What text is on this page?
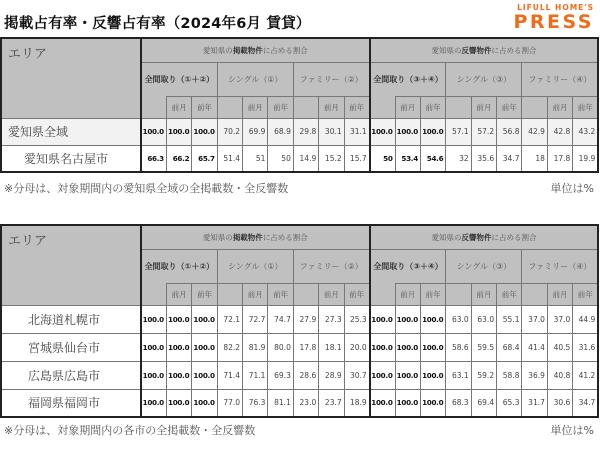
掲載占有率・反響占有率（2024年6月 賃貸）
LIFULL HOME'S
PRESS
エリア	愛知県の掲載物件に占める割合									愛知県の反響物件に占める割合								
	全間取り（①＋②）			シングル（①）			ファミリー（②）			全間取り（③＋④）			シングル（③）			ファミリー（④）		
		前月	前年		前月	前年		前月	前年		前月	前年		前月	前年		前月	前年
愛知県全域	100.0	100.0	100.0	70.2	69.9	68.9	29.8	30.1	31.1	100.0	100.0	100.0	57.1	57.2	56.8	42.9	42.8	43.2
愛知県名古屋市	66.3	66.2	65.7	51.4	51	50	14.9	15.2	15.7	50	53.4	54.6	32	35.6	34.7	18	17.8	19.9
※分母は、対象期間内の愛知県全域の全掲載数・全反響数	単位は%
エリア	愛知県の掲載物件に占める割合									愛知県の反響物件に占める割合								
	全間取り（①＋②）			シングル（①）			ファミリー（②）			全間取り（③＋④）			シングル（③）			ファミリー（④）		
		前月	前年		前月	前年		前月	前年		前月	前年		前月	前年		前月	前年
北海道札幌市	100.0	100.0	100.0	72.1	72.7	74.7	27.9	27.3	25.3	100.0	100.0	100.0	63.0	63.0	55.1	37.0	37.0	44.9
宮城県仙台市	100.0	100.0	100.0	82.2	81.9	80.0	17.8	18.1	20.0	100.0	100.0	100.0	58.6	59.5	68.4	41.4	40.5	31.6
広島県広島市	100.0	100.0	100.0	71.4	71.1	69.3	28.6	28.9	30.7	100.0	100.0	100.0	63.1	59.2	58.8	36.9	40.8	41.2
福岡県福岡市	100.0	100.0	100.0	77.0	76.3	81.1	23.0	23.7	18.9	100.0	100.0	100.0	68.3	69.4	65.3	31.7	30.6	34.7
※分母は、対象期間内の各市の全掲載数・全反響数	単位は%
